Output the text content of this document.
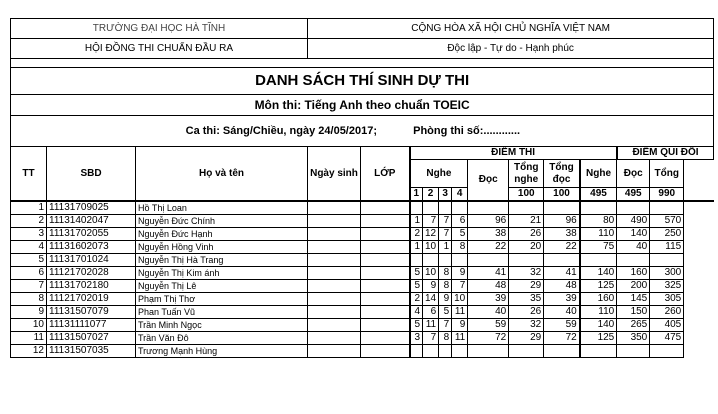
TRƯỜNG ĐẠI HỌC HÀ TĨNH			CỘNG HÒA XÃ HỘI CHỦ NGHĨA VIỆT NAM											
HỘI ĐỒNG THI CHUẨN ĐẦU RA			Độc lập - Tự do - Hạnh phúc											

DANH SÁCH THÍ SINH DỰ THI														
Môn thi: Tiếng Anh theo chuẩn TOEIC														
Ca thi: Sáng/Chiều, ngày 24/05/2017; Phòng thi số:............														
TT	SBD	Họ và tên	Ngày sinh	LỚP	ĐIỂM THI								ĐIỂM QUI ĐỔI	
					Nghe				Đọc	Tổng nghe	Tổng đọc	Nghe	Đọc	Tổng
					1	2	3	4		100	100	495	495	990
1	11131709025	Hồ Thị Loan												
2	11131402047	Nguyễn Đức Chính			1	7	7	6	96	21	96	80	490	570
3	11131702055	Nguyễn Đức Hạnh			2	12	7	5	38	26	38	110	140	250
4	11131602073	Nguyễn Hồng Vinh			1	10	1	8	22	20	22	75	40	115
5	11131701024	Nguyễn Thị Hà Trang												
6	11121702028	Nguyễn Thị Kim ánh			5	10	8	9	41	32	41	140	160	300
7	11131702180	Nguyễn Thị Lê			5	9	8	7	48	29	48	125	200	325
8	11121702019	Phạm Thị Thơ			2	14	9	10	39	35	39	160	145	305
9	11131507079	Phan Tuấn Vũ			4	6	5	11	40	26	40	110	150	260
10	11131111077	Trần Minh Ngọc			5	11	7	9	59	32	59	140	265	405
11	11131507027	Trần Văn Đô			3	7	8	11	72	29	72	125	350	475
12	11131507035	Trương Mạnh Hùng												
